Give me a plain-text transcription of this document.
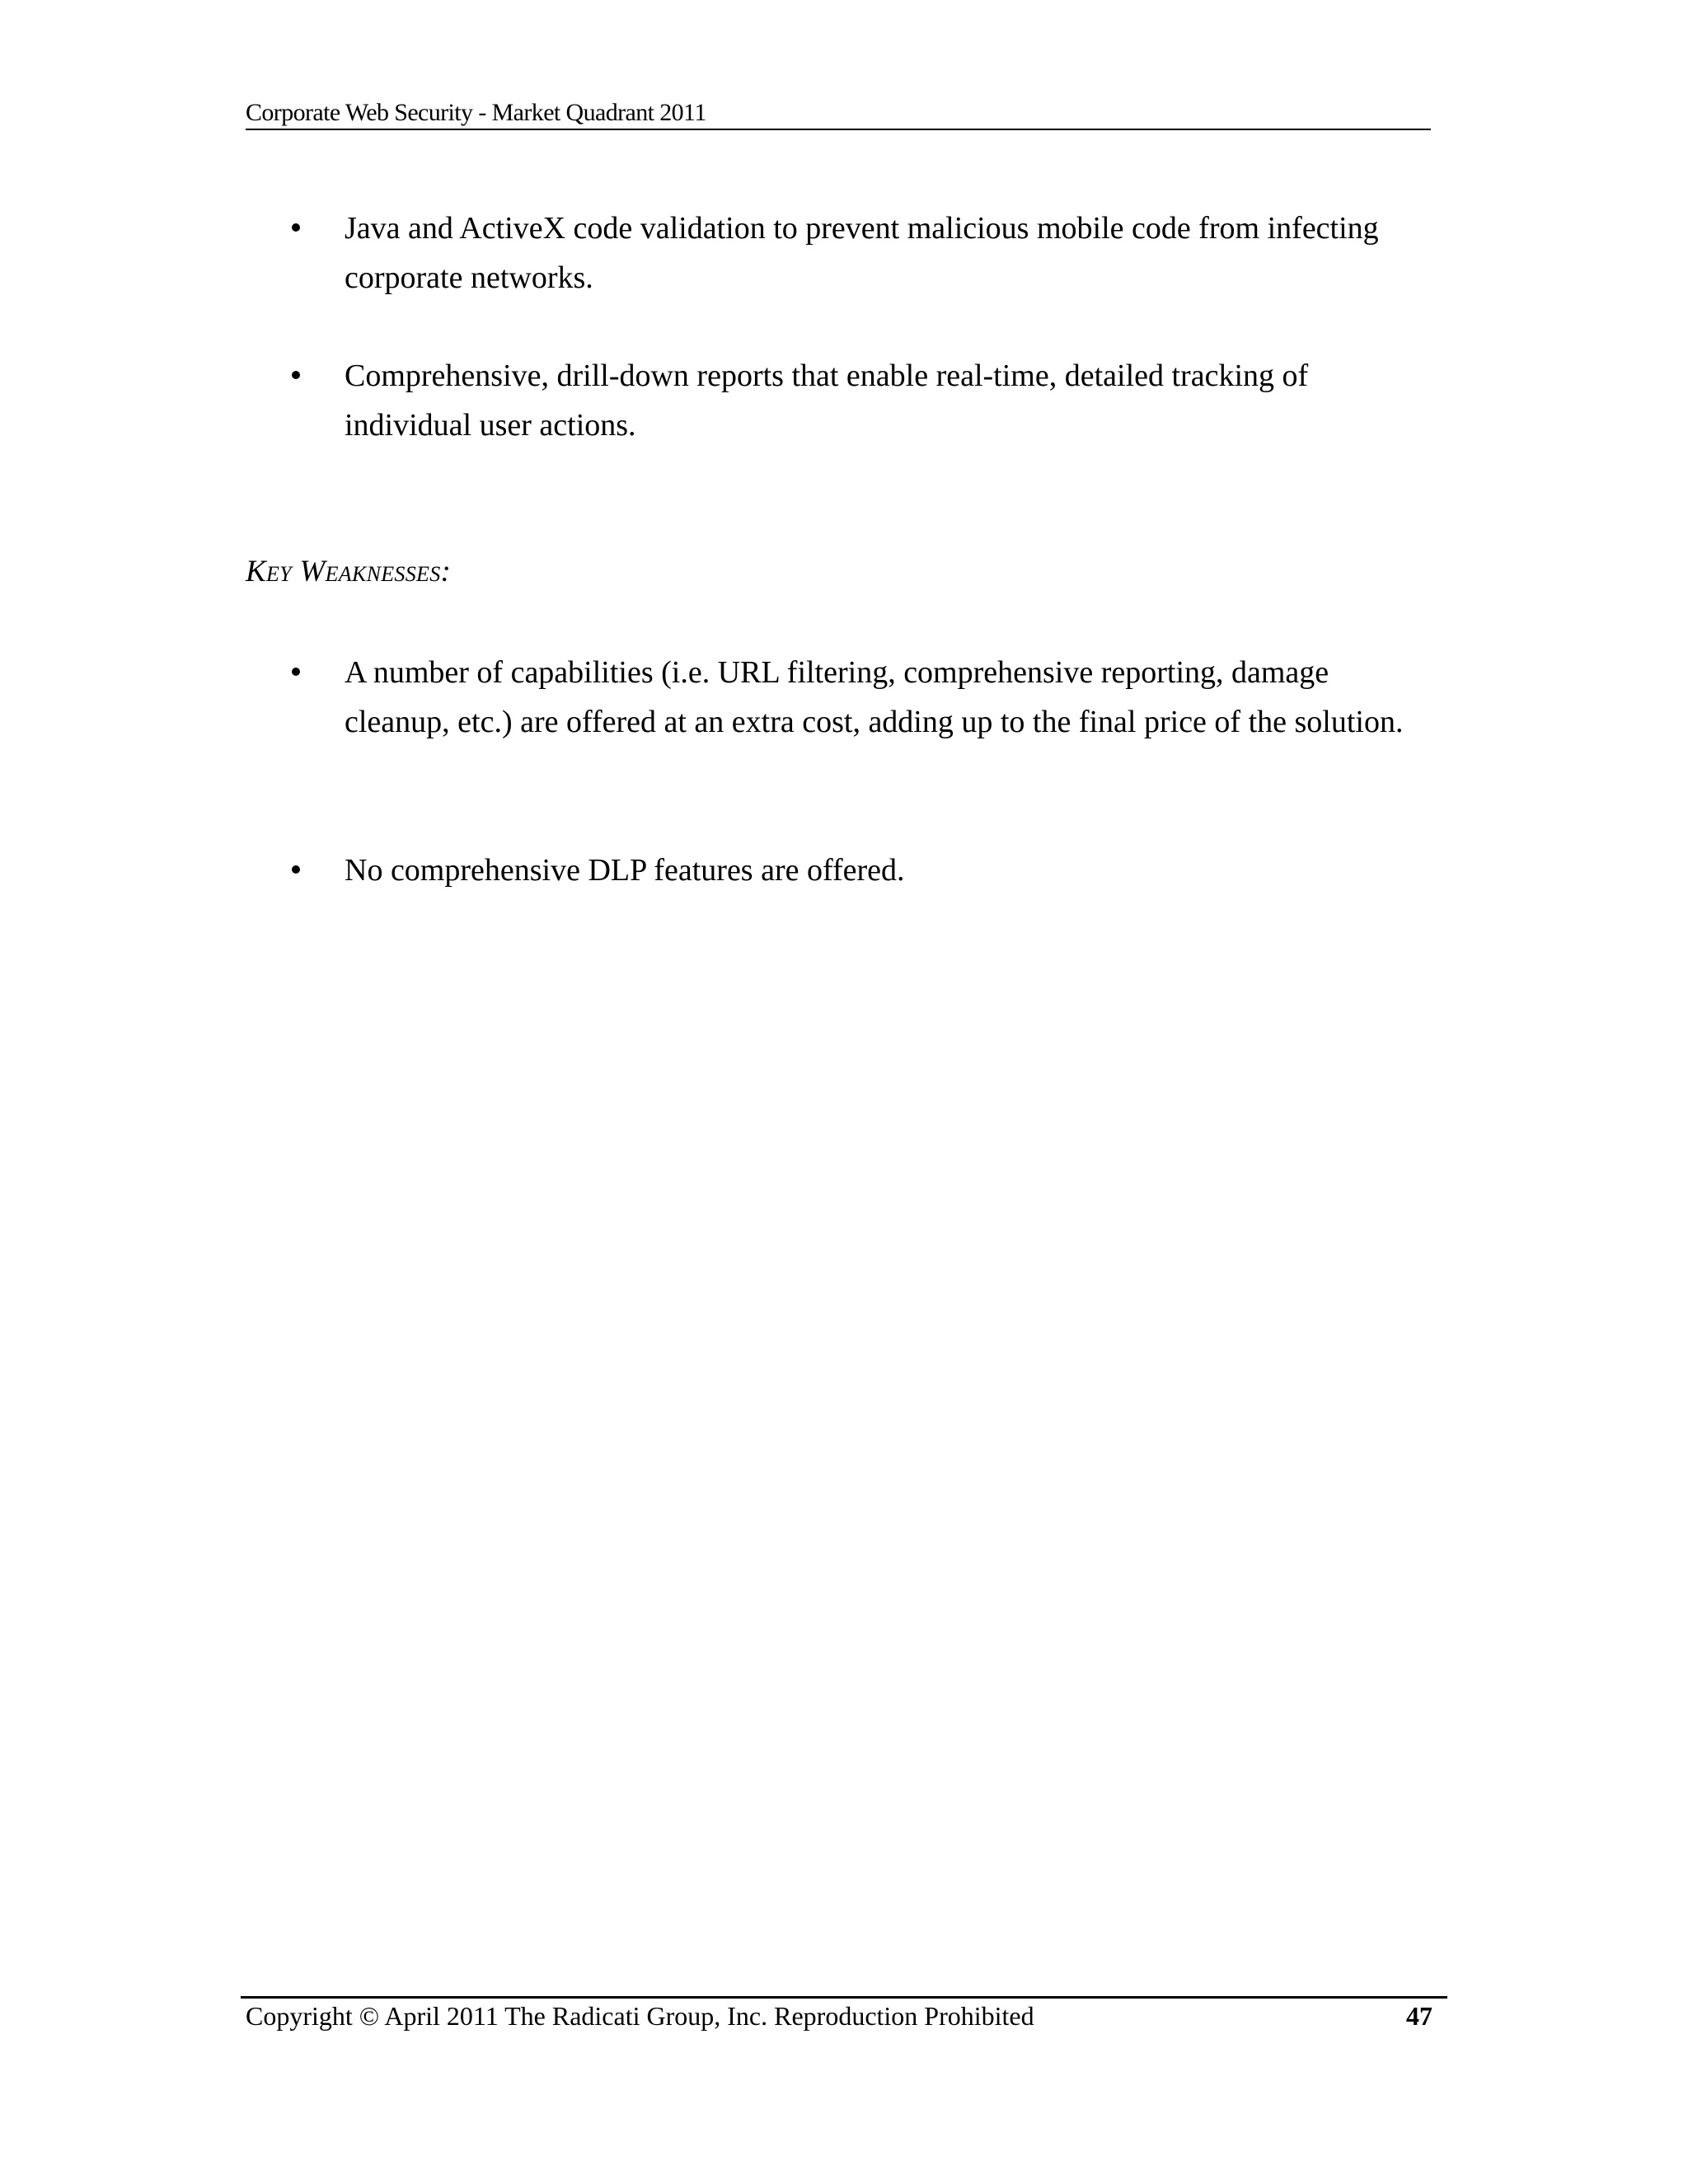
Corporate Web Security - Market Quadrant 2011

Java and ActiveX code validation to prevent malicious mobile code from infecting corporate networks.

Comprehensive, drill-down reports that enable real-time, detailed tracking of individual user actions.

Key Weaknesses:

A number of capabilities (i.e. URL filtering, comprehensive reporting, damage cleanup, etc.) are offered at an extra cost, adding up to the final price of the solution.

No comprehensive DLP features are offered.

Copyright © April 2011 The Radicati Group, Inc. Reproduction Prohibited	47
